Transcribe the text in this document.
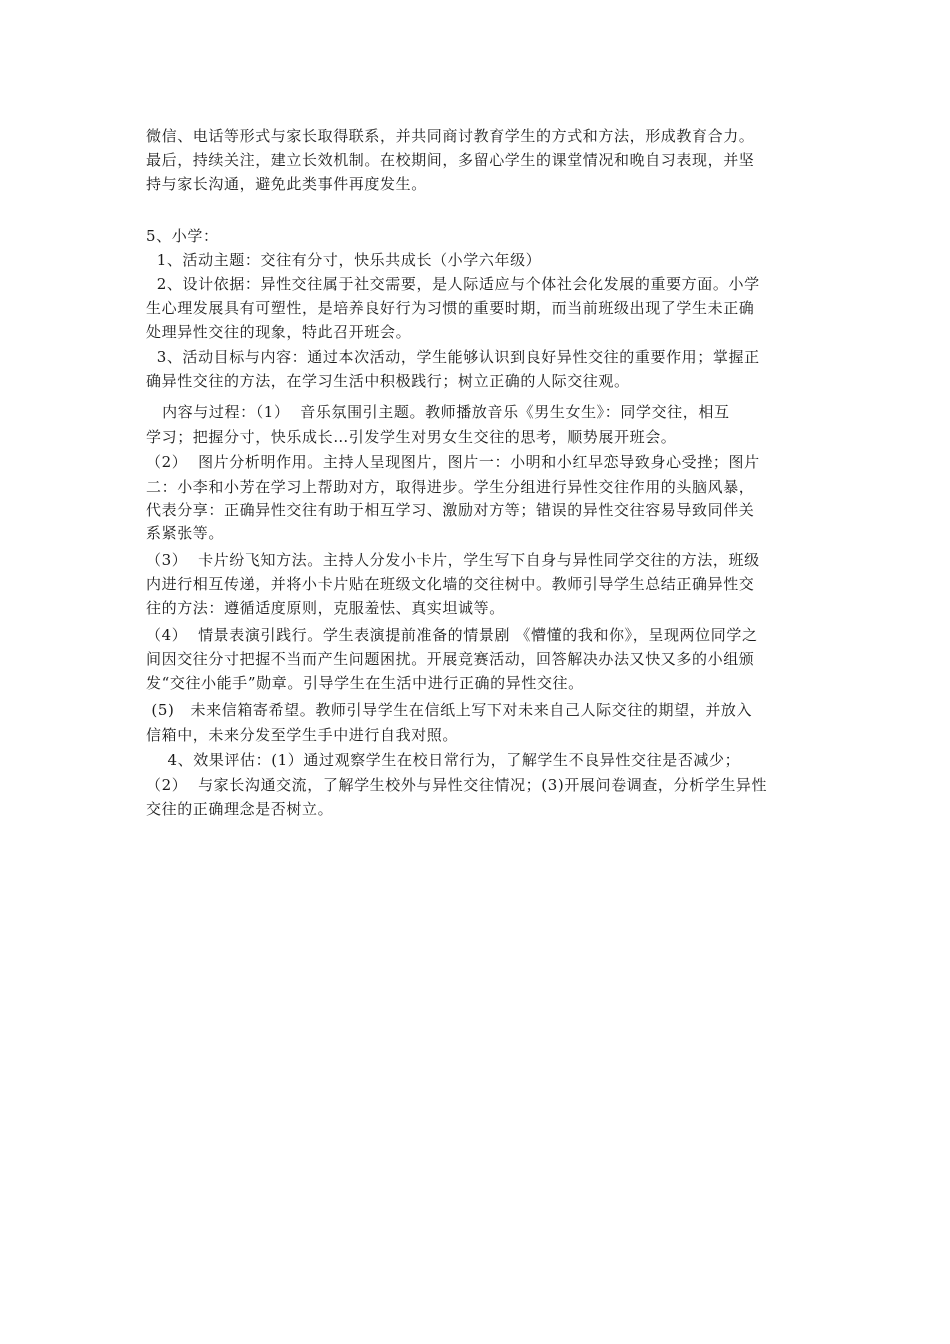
微信、电话等形式与家长取得联系，并共同商讨教育学生的方式和方法，形成教育合力。
最后，持续关注，建立长效机制。在校期间，多留心学生的课堂情况和晚自习表现，并坚
持与家长沟通，避免此类事件再度发生。
5、小学：
1、活动主题：交往有分寸，快乐共成长（小学六年级）
2、设计依据：异性交往属于社交需要，是人际适应与个体社会化发展的重要方面。小学
生心理发展具有可塑性，是培养良好行为习惯的重要时期，而当前班级出现了学生未正确
处理异性交往的现象，特此召开班会。
3、活动目标与内容：通过本次活动，学生能够认识到良好异性交往的重要作用；掌握正
确异性交往的方法，在学习生活中积极践行；树立正确的人际交往观。
内容与过程：（1）  音乐氛围引主题。教师播放音乐《男生女生》：同学交往，相互
学习；把握分寸，快乐成长…引发学生对男女生交往的思考，顺势展开班会。
（2）  图片分析明作用。主持人呈现图片，图片一：小明和小红早恋导致身心受挫；图片
二：小李和小芳在学习上帮助对方，取得进步。学生分组进行异性交往作用的头脑风暴，
代表分享：正确异性交往有助于相互学习、激励对方等；错误的异性交往容易导致同伴关
系紧张等。
（3）  卡片纷飞知方法。主持人分发小卡片，学生写下自身与异性同学交往的方法，班级
内进行相互传递，并将小卡片贴在班级文化墙的交往树中。教师引导学生总结正确异性交
往的方法：遵循适度原则，克服羞怯、真实坦诚等。
（4）  情景表演引践行。学生表演提前准备的情景剧 《懵懂的我和你》，呈现两位同学之
间因交往分寸把握不当而产生问题困扰。开展竞赛活动，回答解决办法又快又多的小组颁
发“交往小能手”勋章。引导学生在生活中进行正确的异性交往。
(5)   未来信箱寄希望。教师引导学生在信纸上写下对未来自己人际交往的期望，并放入
信箱中，未来分发至学生手中进行自我对照。
4、效果评估：(1）通过观察学生在校日常行为，了解学生不良异性交往是否减少；
（2）  与家长沟通交流，了解学生校外与异性交往情况；(3)开展问卷调查，分析学生异性
交往的正确理念是否树立。
